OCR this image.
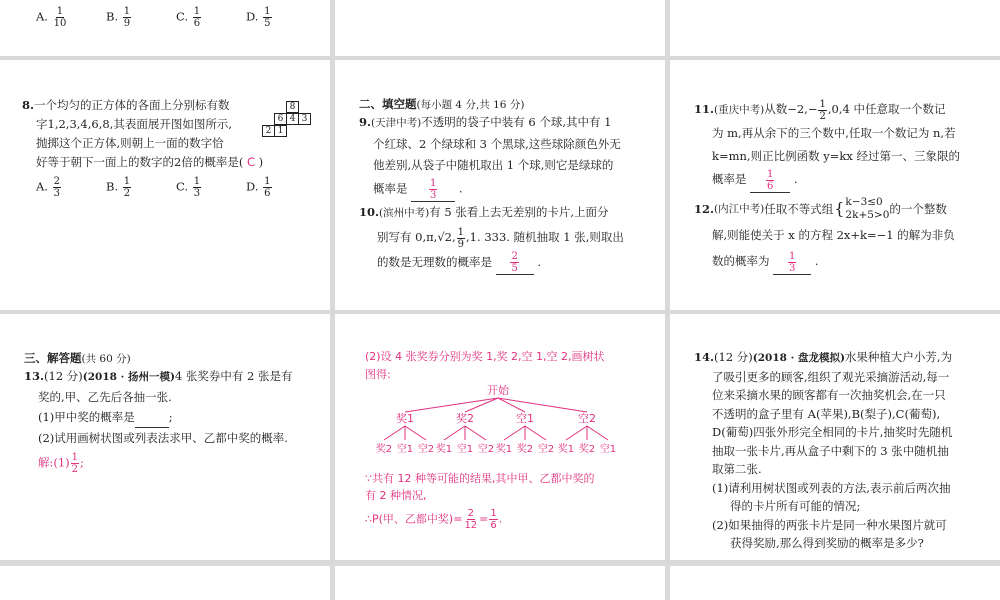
A. $\frac{1}{10}$	B. $\frac{1}{9}$	C. $\frac{1}{6}$	D. $\frac{1}{5}$
8.一个均匀的正方体的各面上分别标有数
字1,2,3,4,6,8,其表面展开图如图所示,
抛掷这个正方体,则朝上一面的数字恰
好等于朝下一面上的数字的2倍的概率是( C )
8
6 4 3
2 1
A. $\frac{2}{3}$	B. $\frac{1}{2}$	C. $\frac{1}{3}$	D. $\frac{1}{6}$
二、填空题(每小题 4 分,共 16 分)
9.(天津中考)不透明的袋子中装有 6 个球,其中有 1
个红球、2 个绿球和 3 个黑球,这些球除颜色外无
他差别,从袋子中随机取出 1 个球,则它是绿球的
概率是 $\frac{1}{3}$ .
10.(滨州中考)有 5 张看上去无差别的卡片,上面分
别写有 0,π,√2, $\frac{1}{9} ,1$. 333. 随机抽取 1 张,则取出
的数是无理数的概率是 $\frac{2}{5}$ .
11.(重庆中考)从数$-2,- \frac{1}{2} ,0,4$ 中任意取一个数记
为 m,再从余下的三个数中,任取一个数记为 n,若
k=mn,则正比例函数 y=kx 经过第一、三象限的
概率是 $\frac{1}{6}$ .
12. (内江中考) 任取不等式组 { k−3≤0
2k+5>0 的一个整数
解,则能使关于 x 的方程 2x+k=−1 的解为非负
数的概率为 $\frac{1}{3}$ .
三、解答题(共 60 分)
13.(12 分)(2018 · 扬州一模)4 张奖券中有 2 张是有
奖的,甲、乙先后各抽一张.
(1)甲中奖的概率是	;
(2)试用画树状图或列表法求甲、乙都中奖的概率.
解:(1) $\frac{1}{2}$ ;
(2)设 4 张奖券分别为奖 1,奖 2,空 1,空 2,画树状
图得:
开始
奖1
奖2 空1 空2
奖2
奖1 空1 空2
空1
奖1 奖2 空2
空2
奖1 奖2 空1
∵共有 12 种等可能的结果,其中甲、乙都中奖的
有 2 种情况,
∴P(甲、乙都中奖)= $\frac{2}{12} = \frac{1}{6}$ .
14.(12 分)(2018 · 盘龙模拟)水果种植大户小芳,为
了吸引更多的顾客,组织了观光采摘游活动,每一
位来采摘水果的顾客都有一次抽奖机会,在一只
不透明的盒子里有 A(苹果),B(梨子),C(葡萄),
D(葡萄)四张外形完全相同的卡片,抽奖时先随机
抽取一张卡片,再从盒子中剩下的 3 张中随机抽
取第二张.
(1)请利用树状图或列表的方法,表示前后两次抽
得的卡片所有可能的情况;
(2)如果抽得的两张卡片是同一种水果图片就可
获得奖励,那么得到奖励的概率是多少?
